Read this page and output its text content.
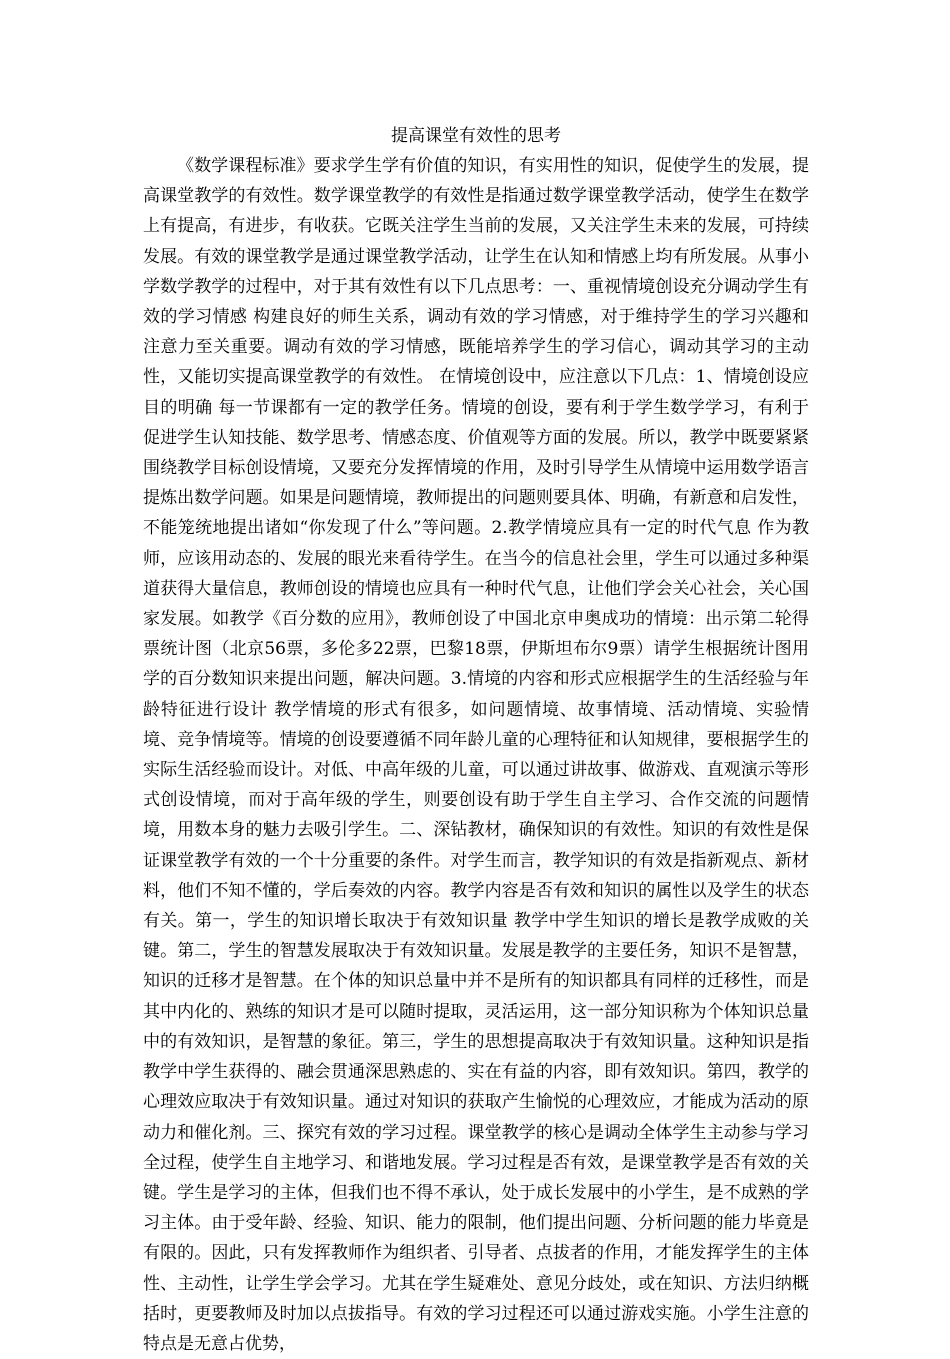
提高课堂有效性的思考

《数学课程标准》要求学生学有价值的知识，有实用性的知识，促使学生的发展，提高课堂教学的有效性。数学课堂教学的有效性是指通过数学课堂教学活动，使学生在数学上有提高，有进步，有收获。它既关注学生当前的发展，又关注学生未来的发展，可持续发展。有效的课堂教学是通过课堂教学活动，让学生在认知和情感上均有所发展。从事小学数学教学的过程中，对于其有效性有以下几点思考：一、重视情境创设充分调动学生有效的学习情感 构建良好的师生关系，调动有效的学习情感，对于维持学生的学习兴趣和注意力至关重要。调动有效的学习情感，既能培养学生的学习信心，调动其学习的主动性，又能切实提高课堂教学的有效性。 在情境创设中，应注意以下几点：1、情境创设应目的明确 每一节课都有一定的教学任务。情境的创设，要有利于学生数学学习，有利于促进学生认知技能、数学思考、情感态度、价值观等方面的发展。所以，教学中既要紧紧围绕教学目标创设情境，又要充分发挥情境的作用，及时引导学生从情境中运用数学语言提炼出数学问题。如果是问题情境，教师提出的问题则要具体、明确，有新意和启发性，不能笼统地提出诸如“你发现了什么”等问题。2.教学情境应具有一定的时代气息 作为教师，应该用动态的、发展的眼光来看待学生。在当今的信息社会里，学生可以通过多种渠道获得大量信息，教师创设的情境也应具有一种时代气息，让他们学会关心社会，关心国家发展。如教学《百分数的应用》，教师创设了中国北京申奥成功的情境：出示第二轮得票统计图（北京56票，多伦多22票，巴黎18票，伊斯坦布尔9票）请学生根据统计图用学的百分数知识来提出问题，解决问题。3.情境的内容和形式应根据学生的生活经验与年龄特征进行设计 教学情境的形式有很多，如问题情境、故事情境、活动情境、实验情境、竞争情境等。情境的创设要遵循不同年龄儿童的心理特征和认知规律，要根据学生的实际生活经验而设计。对低、中高年级的儿童，可以通过讲故事、做游戏、直观演示等形式创设情境，而对于高年级的学生，则要创设有助于学生自主学习、合作交流的问题情境，用数本身的魅力去吸引学生。二、深钻教材，确保知识的有效性。知识的有效性是保证课堂教学有效的一个十分重要的条件。对学生而言，教学知识的有效是指新观点、新材料，他们不知不懂的，学后奏效的内容。教学内容是否有效和知识的属性以及学生的状态有关。第一，学生的知识增长取决于有效知识量 教学中学生知识的增长是教学成败的关键。第二，学生的智慧发展取决于有效知识量。发展是教学的主要任务，知识不是智慧，知识的迁移才是智慧。在个体的知识总量中并不是所有的知识都具有同样的迁移性，而是其中内化的、熟练的知识才是可以随时提取，灵活运用，这一部分知识称为个体知识总量中的有效知识，是智慧的象征。第三，学生的思想提高取决于有效知识量。这种知识是指教学中学生获得的、融会贯通深思熟虑的、实在有益的内容，即有效知识。第四，教学的心理效应取决于有效知识量。通过对知识的获取产生愉悦的心理效应，才能成为活动的原动力和催化剂。三、探究有效的学习过程。课堂教学的核心是调动全体学生主动参与学习全过程，使学生自主地学习、和谐地发展。学习过程是否有效，是课堂教学是否有效的关键。学生是学习的主体，但我们也不得不承认，处于成长发展中的小学生，是不成熟的学习主体。由于受年龄、经验、知识、能力的限制，他们提出问题、分析问题的能力毕竟是有限的。因此，只有发挥教师作为组织者、引导者、点拔者的作用，才能发挥学生的主体性、主动性，让学生学会学习。尤其在学生疑难处、意见分歧处，或在知识、方法归纳概括时，更要教师及时加以点拔指导。有效的学习过程还可以通过游戏实施。小学生注意的特点是无意占优势，
